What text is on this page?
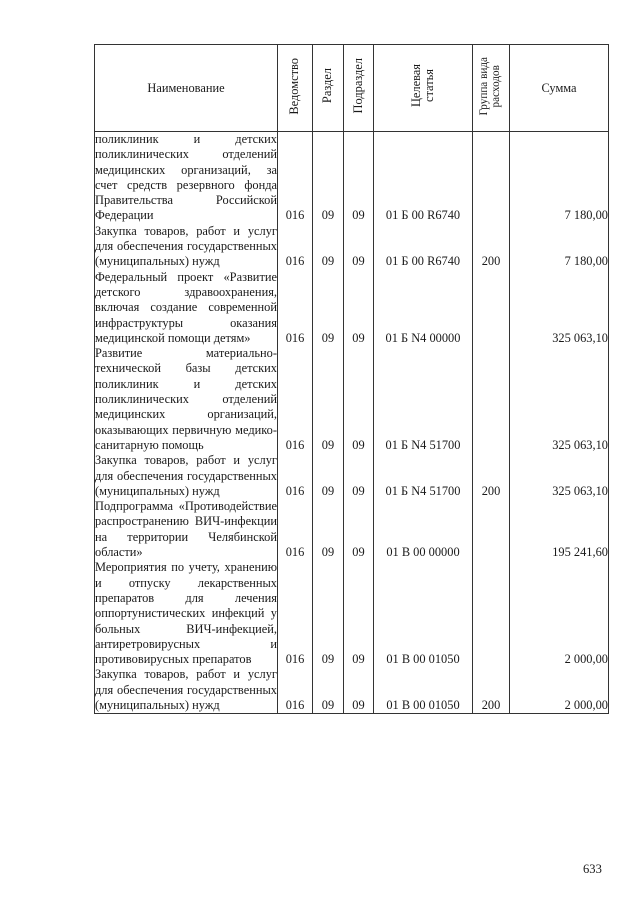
Наименование	Ведомство	Раздел	Подраздел	Целевая
статья	Группа вида
расходов	Сумма
поликлиник и детских поликлинических отделений медицинских организаций, за счет средств резервного фонда Правительства Российской Федерации	016	09	09	01 Б 00 R6740		7 180,00
Закупка товаров, работ и услуг для обеспечения государственных (муниципальных) нужд	016	09	09	01 Б 00 R6740	200	7 180,00
Федеральный проект «Развитие детского здравоохранения, включая создание современной инфраструктуры оказания медицинской помощи детям»	016	09	09	01 Б N4 00000		325 063,10
Развитие материально-технической базы детских поликлиник и детских поликлинических отделений медицинских организаций, оказывающих первичную медико-санитарную помощь	016	09	09	01 Б N4 51700		325 063,10
Закупка товаров, работ и услуг для обеспечения государственных (муниципальных) нужд	016	09	09	01 Б N4 51700	200	325 063,10
Подпрограмма «Противодействие распространению ВИЧ-инфекции на территории Челябинской области»	016	09	09	01 В 00 00000		195 241,60
Мероприятия по учету, хранению и отпуску лекарственных препаратов для лечения оппортунистических инфекций у больных ВИЧ-инфекцией, антиретровирусных и противовирусных препаратов	016	09	09	01 В 00 01050		2 000,00
Закупка товаров, работ и услуг для обеспечения государственных (муниципальных) нужд	016	09	09	01 В 00 01050	200	2 000,00
633
